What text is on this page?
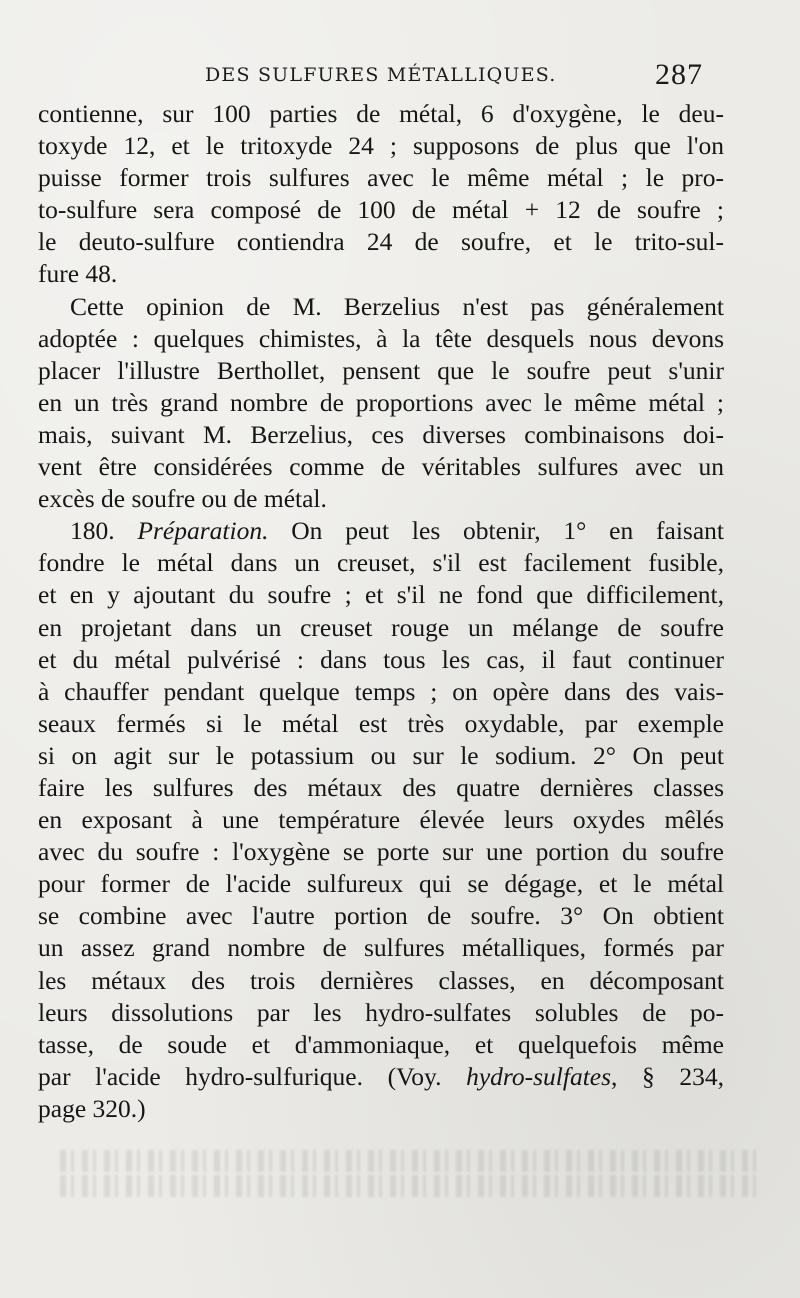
DES SULFURES MÉTALLIQUES.	287

contienne, sur 100 parties de métal, 6 d'oxygène, le deu-
toxyde 12, et le tritoxyde 24 ; supposons de plus que l'on
puisse former trois sulfures avec le même métal ; le pro-
to-sulfure sera composé de 100 de métal + 12 de soufre ;
le deuto-sulfure contiendra 24 de soufre, et le trito-sul-
fure 48.

Cette opinion de M. Berzelius n'est pas généralement
adoptée : quelques chimistes, à la tête desquels nous devons
placer l'illustre Berthollet, pensent que le soufre peut s'unir
en un très grand nombre de proportions avec le même métal ;
mais, suivant M. Berzelius, ces diverses combinaisons doi-
vent être considérées comme de véritables sulfures avec un
excès de soufre ou de métal.

180. Préparation. On peut les obtenir, 1° en faisant
fondre le métal dans un creuset, s'il est facilement fusible,
et en y ajoutant du soufre ; et s'il ne fond que difficilement,
en projetant dans un creuset rouge un mélange de soufre
et du métal pulvérisé : dans tous les cas, il faut continuer
à chauffer pendant quelque temps ; on opère dans des vais-
seaux fermés si le métal est très oxydable, par exemple
si on agit sur le potassium ou sur le sodium. 2° On peut
faire les sulfures des métaux des quatre dernières classes
en exposant à une température élevée leurs oxydes mêlés
avec du soufre : l'oxygène se porte sur une portion du soufre
pour former de l'acide sulfureux qui se dégage, et le métal
se combine avec l'autre portion de soufre. 3° On obtient
un assez grand nombre de sulfures métalliques, formés par
les métaux des trois dernières classes, en décomposant
leurs dissolutions par les hydro-sulfates solubles de po-
tasse, de soude et d'ammoniaque, et quelquefois même
par l'acide hydro-sulfurique. (Voy. hydro-sulfates, § 234,
page 320.)
